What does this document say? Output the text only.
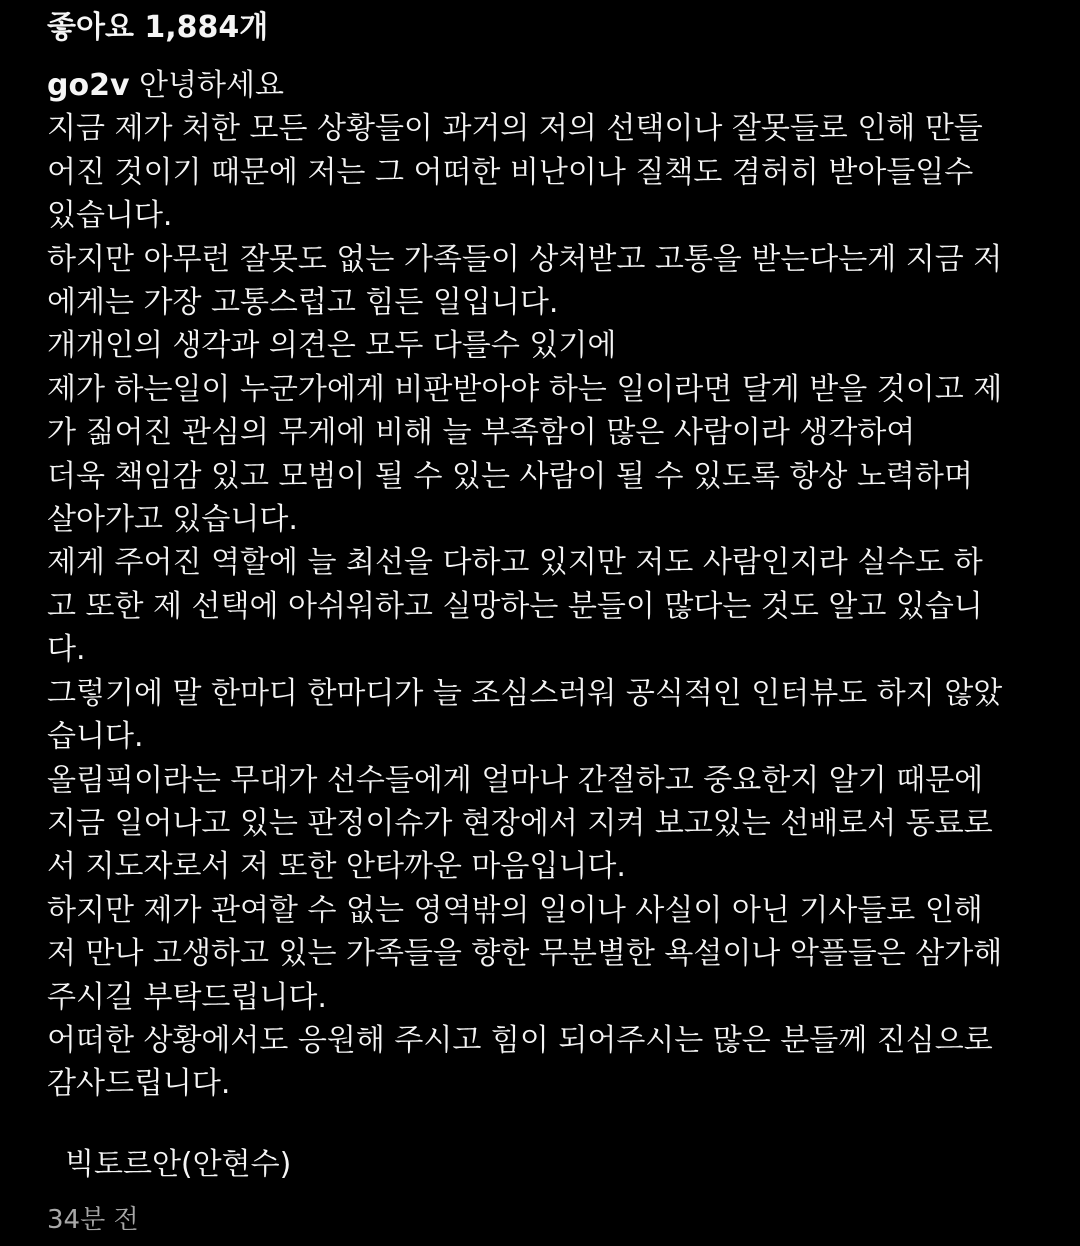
좋아요 1,884개

go2v 안녕하세요

지금 제가 처한 모든 상황들이 과거의 저의 선택이나 잘못들로 인해 만들

어진 것이기 때문에 저는 그 어떠한 비난이나 질책도 겸허히 받아들일수

있습니다.

하지만 아무런 잘못도 없는 가족들이 상처받고 고통을 받는다는게 지금 저

에게는 가장 고통스럽고 힘든 일입니다.

개개인의 생각과 의견은 모두 다를수 있기에

제가 하는일이 누군가에게 비판받아야 하는 일이라면 달게 받을 것이고 제

가 짊어진 관심의 무게에 비해 늘 부족함이 많은 사람이라 생각하여

더욱 책임감 있고 모범이 될 수 있는 사람이 될 수 있도록 항상 노력하며

살아가고 있습니다.

제게 주어진 역할에 늘 최선을 다하고 있지만 저도 사람인지라 실수도 하

고 또한 제 선택에 아쉬워하고 실망하는 분들이 많다는 것도 알고 있습니

다.

그렇기에 말 한마디 한마디가 늘 조심스러워 공식적인 인터뷰도 하지 않았

습니다.

올림픽이라는 무대가 선수들에게 얼마나 간절하고 중요한지 알기 때문에

지금 일어나고 있는 판정이슈가 현장에서 지켜 보고있는 선배로서 동료로

서 지도자로서 저 또한 안타까운 마음입니다.

하지만 제가 관여할 수 없는 영역밖의 일이나 사실이 아닌 기사들로 인해

저 만나 고생하고 있는 가족들을 향한 무분별한 욕설이나 악플들은 삼가해

주시길 부탁드립니다.

어떠한 상황에서도 응원해 주시고 힘이 되어주시는 많은 분들께 진심으로

감사드립니다.

빅토르안(안현수)
34분 전
